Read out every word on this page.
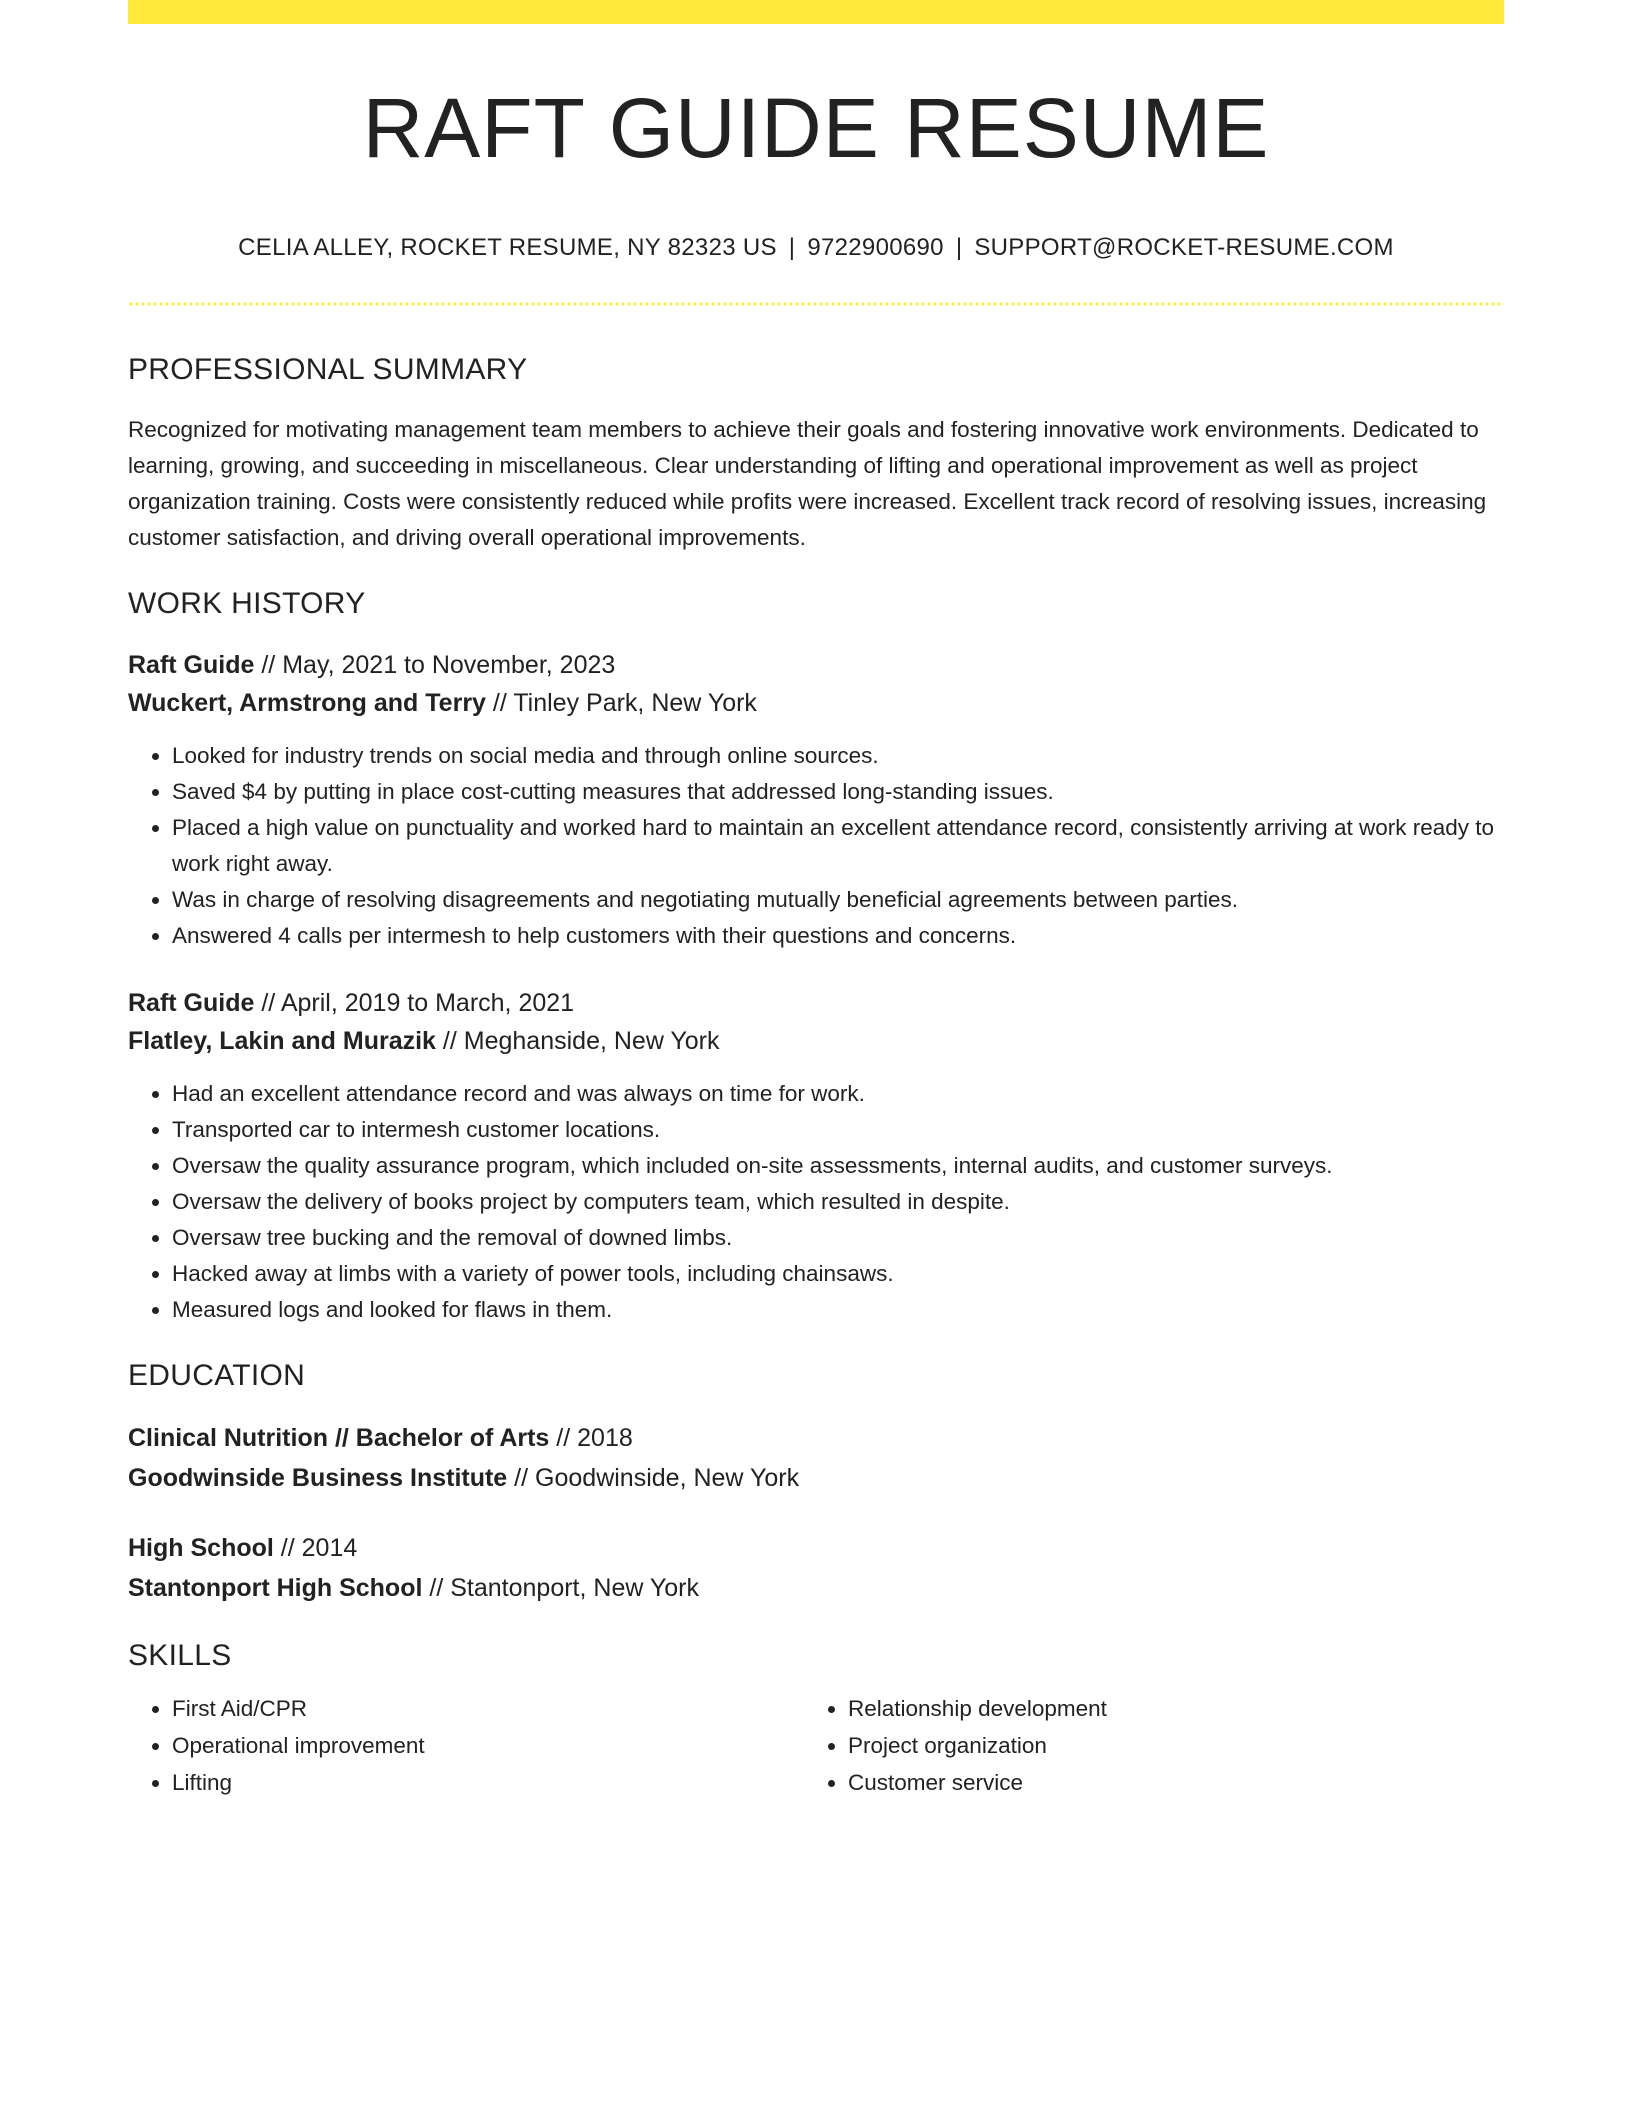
RAFT GUIDE RESUME
CELIA ALLEY, ROCKET RESUME, NY 82323 US | 9722900690 | SUPPORT@ROCKET-RESUME.COM
PROFESSIONAL SUMMARY

Recognized for motivating management team members to achieve their goals and fostering innovative work environments. Dedicated to learning, growing, and succeeding in miscellaneous. Clear understanding of lifting and operational improvement as well as project organization training. Costs were consistently reduced while profits were increased. Excellent track record of resolving issues, increasing customer satisfaction, and driving overall operational improvements.

WORK HISTORY
Raft Guide // May, 2021 to November, 2023
Wuckert, Armstrong and Terry // Tinley Park, New York
• Looked for industry trends on social media and through online sources.
• Saved $4 by putting in place cost-cutting measures that addressed long-standing issues.
• Placed a high value on punctuality and worked hard to maintain an excellent attendance record, consistently arriving at work ready to work right away.
• Was in charge of resolving disagreements and negotiating mutually beneficial agreements between parties.
• Answered 4 calls per intermesh to help customers with their questions and concerns.
Raft Guide // April, 2019 to March, 2021
Flatley, Lakin and Murazik // Meghanside, New York
• Had an excellent attendance record and was always on time for work.
• Transported car to intermesh customer locations.
• Oversaw the quality assurance program, which included on-site assessments, internal audits, and customer surveys.
• Oversaw the delivery of books project by computers team, which resulted in despite.
• Oversaw tree bucking and the removal of downed limbs.
• Hacked away at limbs with a variety of power tools, including chainsaws.
• Measured logs and looked for flaws in them.
EDUCATION
Clinical Nutrition // Bachelor of Arts // 2018
Goodwinside Business Institute // Goodwinside, New York
High School // 2014
Stantonport High School // Stantonport, New York
SKILLS
• First Aid/CPR
• Operational improvement
• Lifting
• Relationship development
• Project organization
• Customer service
